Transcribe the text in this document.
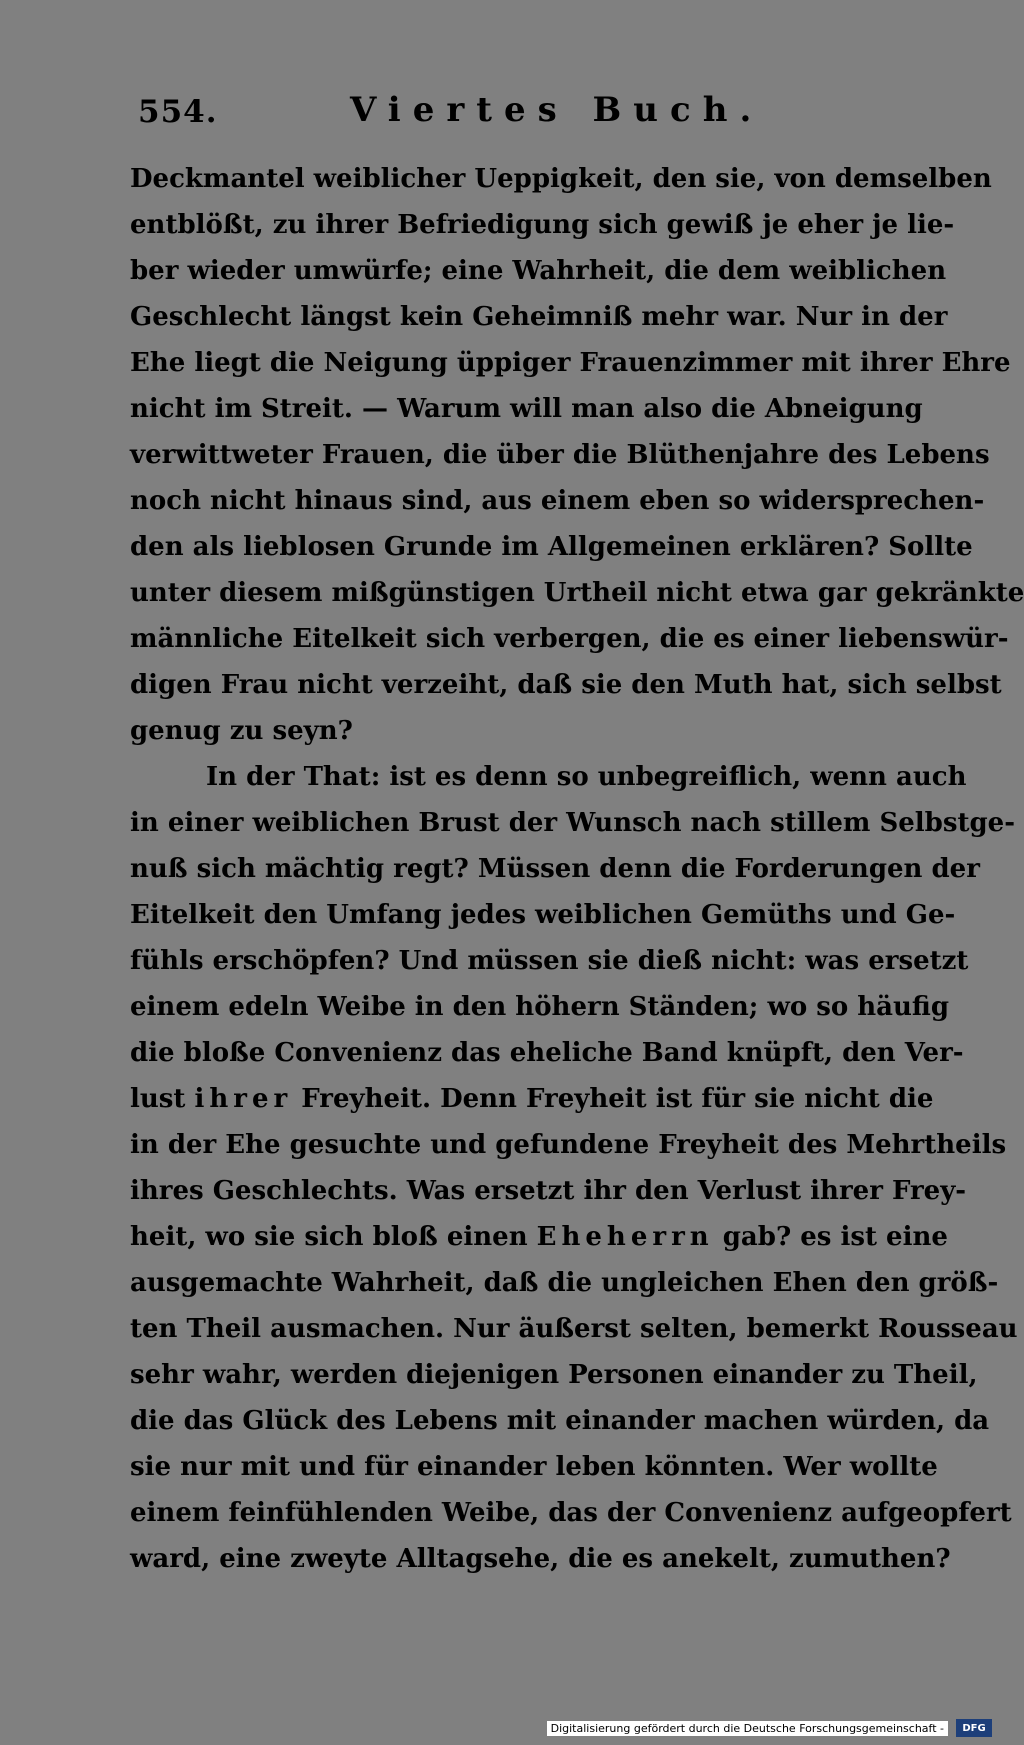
554.	Viertes Buch.
Deckmantel weiblicher Ueppigkeit, den sie, von demselben
entblößt, zu ihrer Befriedigung sich gewiß je eher je lie-
ber wieder umwürfe; eine Wahrheit, die dem weiblichen
Geschlecht längst kein Geheimniß mehr war. Nur in der
Ehe liegt die Neigung üppiger Frauenzimmer mit ihrer Ehre
nicht im Streit. — Warum will man also die Abneigung
verwittweter Frauen, die über die Blüthenjahre des Lebens
noch nicht hinaus sind, aus einem eben so widersprechen-
den als lieblosen Grunde im Allgemeinen erklären? Sollte
unter diesem mißgünstigen Urtheil nicht etwa gar gekränkte
männliche Eitelkeit sich verbergen, die es einer liebenswür-
digen Frau nicht verzeiht, daß sie den Muth hat, sich selbst
genug zu seyn?
In der That: ist es denn so unbegreiflich, wenn auch
in einer weiblichen Brust der Wunsch nach stillem Selbstge-
nuß sich mächtig regt? Müssen denn die Forderungen der
Eitelkeit den Umfang jedes weiblichen Gemüths und Ge-
fühls erschöpfen? Und müssen sie dieß nicht: was ersetzt
einem edeln Weibe in den höhern Ständen; wo so häufig
die bloße Convenienz das eheliche Band knüpft, den Ver-
lust ihrer Freyheit. Denn Freyheit ist für sie nicht die
in der Ehe gesuchte und gefundene Freyheit des Mehrtheils
ihres Geschlechts. Was ersetzt ihr den Verlust ihrer Frey-
heit, wo sie sich bloß einen Eheherrn gab? es ist eine
ausgemachte Wahrheit, daß die ungleichen Ehen den größ-
ten Theil ausmachen. Nur äußerst selten, bemerkt Rousseau
sehr wahr, werden diejenigen Personen einander zu Theil,
die das Glück des Lebens mit einander machen würden, da
sie nur mit und für einander leben könnten. Wer wollte
einem feinfühlenden Weibe, das der Convenienz aufgeopfert
ward, eine zweyte Alltagsehe, die es anekelt, zumuthen?
Digitalisierung gefördert durch die Deutsche Forschungsgemeinschaft -	DFG
